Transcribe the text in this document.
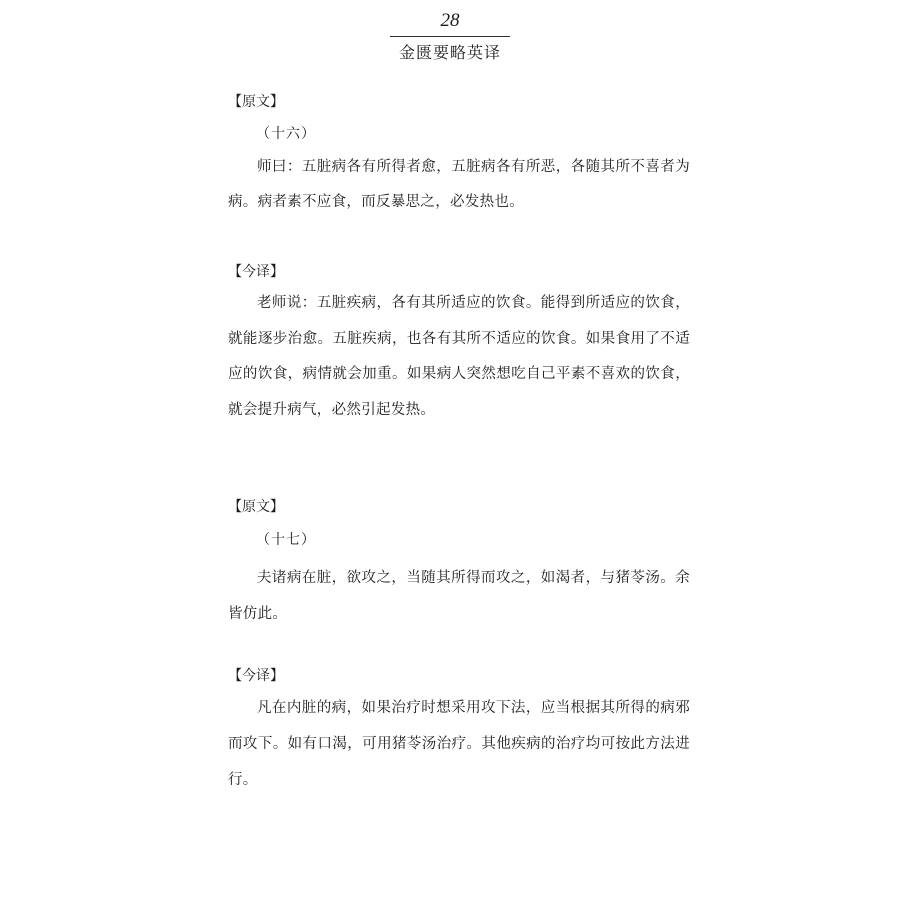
28
金匮要略英译
【原文】
（十六）

师曰：五脏病各有所得者愈，五脏病各有所恶，各随其所不喜者为病。病者素不应食，而反暴思之，必发热也。

【今译】

老师说：五脏疾病，各有其所适应的饮食。能得到所适应的饮食，就能逐步治愈。五脏疾病，也各有其所不适应的饮食。如果食用了不适应的饮食，病情就会加重。如果病人突然想吃自己平素不喜欢的饮食，就会提升病气，必然引起发热。

【原文】
（十七）

夫诸病在脏，欲攻之，当随其所得而攻之，如渴者，与猪苓汤。余皆仿此。

【今译】

凡在内脏的病，如果治疗时想采用攻下法，应当根据其所得的病邪而攻下。如有口渴，可用猪苓汤治疗。其他疾病的治疗均可按此方法进行。
